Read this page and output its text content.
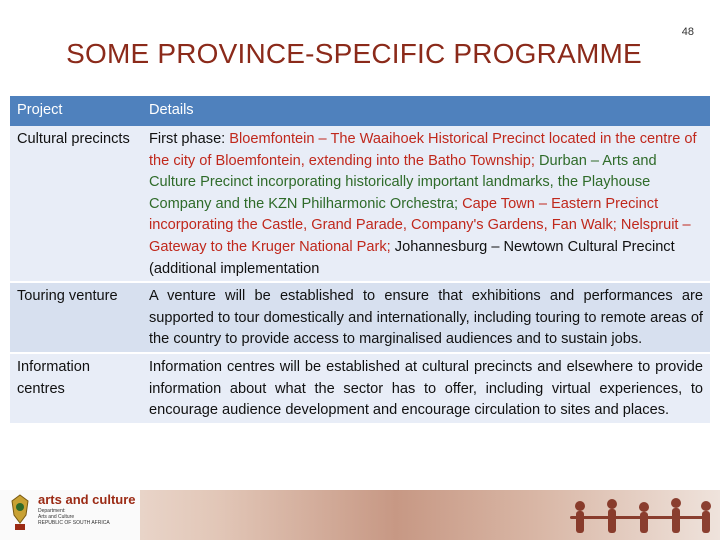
48
SOME PROVINCE-SPECIFIC PROGRAMME
Project	Details
Cultural precincts	First phase: Bloemfontein – The Waaihoek Historical Precinct located in the centre of the city of Bloemfontein, extending into the Batho Township; Durban – Arts and Culture Precinct incorporating historically important landmarks, the Playhouse Company and the KZN Philharmonic Orchestra; Cape Town – Eastern Precinct incorporating the Castle, Grand Parade, Company's Gardens, Fan Walk; Nelspruit – Gateway to the Kruger National Park; Johannesburg – Newtown Cultural Precinct (additional implementation
Touring venture	A venture will be established to ensure that exhibitions and performances are supported to tour domestically and internationally, including touring to remote areas of the country to provide access to marginalised audiences and to sustain jobs.
Information centres	Information centres will be established at cultural precincts and elsewhere to provide information about what the sector has to offer, including virtual experiences, to encourage audience development and encourage circulation to sites and places.
arts and culture
Department:
Arts and Culture
REPUBLIC OF SOUTH AFRICA
